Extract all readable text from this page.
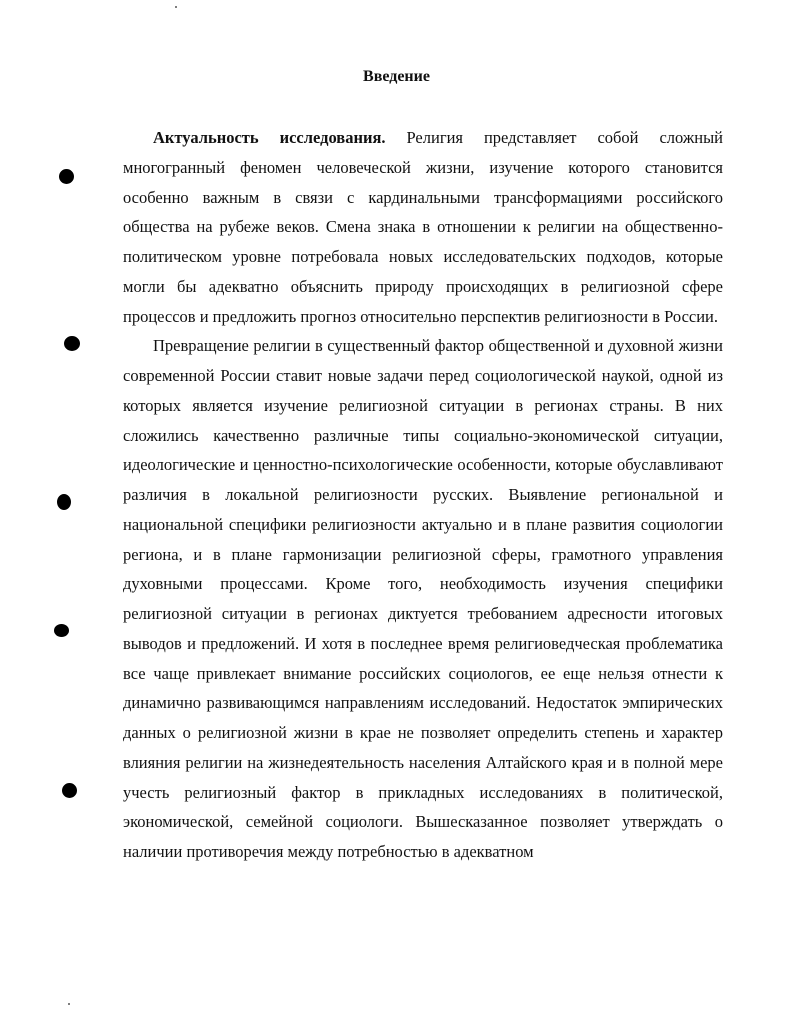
Введение

Актуальность исследования. Религия представляет собой сложный многогранный феномен человеческой жизни, изучение которого становится особенно важным в связи с кардинальными трансформациями российского общества на рубеже веков. Смена знака в отношении к религии на общественно-политическом уровне потребовала новых исследовательских подходов, которые могли бы адекватно объяснить природу происходящих в религиозной сфере процессов и предложить прогноз относительно перспектив религиозности в России.

Превращение религии в существенный фактор общественной и духовной жизни современной России ставит новые задачи перед социологической наукой, одной из которых является изучение религиозной ситуации в регионах страны. В них сложились качественно различные типы социально-экономической ситуации, идеологические и ценностно-психологические особенности, которые обуславливают различия в локальной религиозности русских. Выявление региональной и национальной специфики религиозности актуально и в плане развития социологии региона, и в плане гармонизации религиозной сферы, грамотного управления духовными процессами. Кроме того, необходимость изучения специфики религиозной ситуации в регионах диктуется требованием адресности итоговых выводов и предложений. И хотя в последнее время религиоведческая проблематика все чаще привлекает внимание российских социологов, ее еще нельзя отнести к динамично развивающимся направлениям исследований. Недостаток эмпирических данных о религиозной жизни в крае не позволяет определить степень и характер влияния религии на жизнедеятельность населения Алтайского края и в полной мере учесть религиозный фактор в прикладных исследованиях в политической, экономической, семейной социологи. Вышесказанное позволяет утверждать о наличии противоречия между потребностью в адекватном
